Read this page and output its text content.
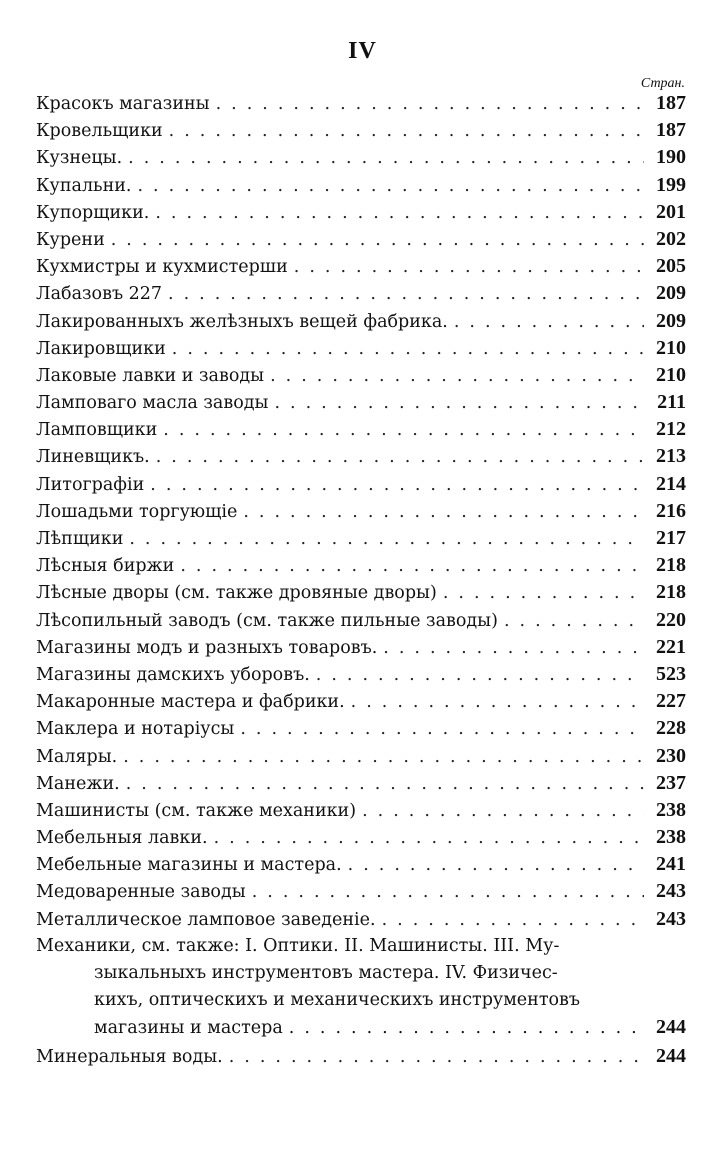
IV
Стран.
Красокъ магазины .....	187
Кровельщики .....	187
Кузнецы. .....	190
Купальни. .....	199
Купорщики. .....	201
Курени .....	202
Кухмистры и кухмистерши .....	205
Лабазовъ 227 .....	209
Лакированныхъ желѣзныхъ вещей фабрика. .....	209
Лакировщики .....	210
Лаковые лавки и заводы .....	210
Ламповаго масла заводы .....	211
Ламповщики .....	212
Линевщикъ. .....	213
Литографіи .....	214
Лошадьми торгующіе .....	216
Лѣпщики .....	217
Лѣсныя биржи .....	218
Лѣсные дворы (см. также дровяные дворы) .....	218
Лѣсопильный заводъ (см. также пильные заводы) .....	220
Магазины модъ и разныхъ товаровъ. .....	221
Магазины дамскихъ уборовъ. .....	523
Макаронные мастера и фабрики. .....	227
Маклера и нотаріусы .....	228
Маляры. .....	230
Манежи. .....	237
Машинисты (см. также механики) .....	238
Мебельныя лавки. .....	238
Мебельные магазины и мастера. .....	241
Медоваренные заводы .....	243
Металлическое ламповое заведеніе. .....	243
Механики, см. также: I. Оптики. II. Машинисты. III. Му-
зыкальныхъ инструментовъ мастера. IV. Физичес-
кихъ, оптическихъ и механическихъ инструментовъ
магазины и мастера .....	244
Минеральныя воды. .....	244
